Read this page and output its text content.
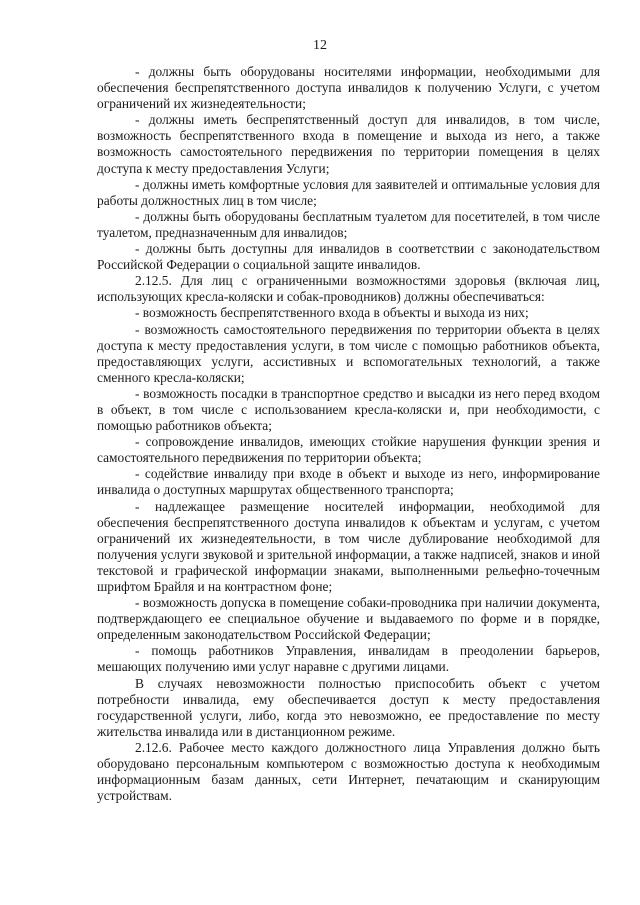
12

- должны быть оборудованы носителями информации, необходимыми для обеспечения беспрепятственного доступа инвалидов к получению Услуги, с учетом ограничений их жизнедеятельности;

- должны иметь беспрепятственный доступ для инвалидов, в том числе, возможность беспрепятственного входа в помещение и выхода из него, а также возможность самостоятельного передвижения по территории помещения в целях доступа к месту предоставления Услуги;

- должны иметь комфортные условия для заявителей и оптимальные условия для работы должностных лиц в том числе;

- должны быть оборудованы бесплатным туалетом для посетителей, в том числе туалетом, предназначенным для инвалидов;

- должны быть доступны для инвалидов в соответствии с законодательством Российской Федерации о социальной защите инвалидов.

2.12.5. Для лиц с ограниченными возможностями здоровья (включая лиц, использующих кресла-коляски и собак-проводников) должны обеспечиваться:

- возможность беспрепятственного входа в объекты и выхода из них;

- возможность самостоятельного передвижения по территории объекта в целях доступа к месту предоставления услуги, в том числе с помощью работников объекта, предоставляющих услуги, ассистивных и вспомогательных технологий, а также сменного кресла-коляски;

- возможность посадки в транспортное средство и высадки из него перед входом в объект, в том числе с использованием кресла-коляски и, при необходимости, с помощью работников объекта;

- сопровождение инвалидов, имеющих стойкие нарушения функции зрения и самостоятельного передвижения по территории объекта;

- содействие инвалиду при входе в объект и выходе из него, информирование инвалида о доступных маршрутах общественного транспорта;

- надлежащее размещение носителей информации, необходимой для обеспечения беспрепятственного доступа инвалидов к объектам и услугам, с учетом ограничений их жизнедеятельности, в том числе дублирование необходимой для получения услуги звуковой и зрительной информации, а также надписей, знаков и иной текстовой и графической информации знаками, выполненными рельефно-точечным шрифтом Брайля и на контрастном фоне;

- возможность допуска в помещение собаки-проводника при наличии документа, подтверждающего ее специальное обучение и выдаваемого по форме и в порядке, определенным законодательством Российской Федерации;

- помощь работников Управления, инвалидам в преодолении барьеров, мешающих получению ими услуг наравне с другими лицами.

В случаях невозможности полностью приспособить объект с учетом потребности инвалида, ему обеспечивается доступ к месту предоставления государственной услуги, либо, когда это невозможно, ее предоставление по месту жительства инвалида или в дистанционном режиме.

2.12.6. Рабочее место каждого должностного лица Управления должно быть оборудовано персональным компьютером с возможностью доступа к необходимым информационным базам данных, сети Интернет, печатающим и сканирующим устройствам.
